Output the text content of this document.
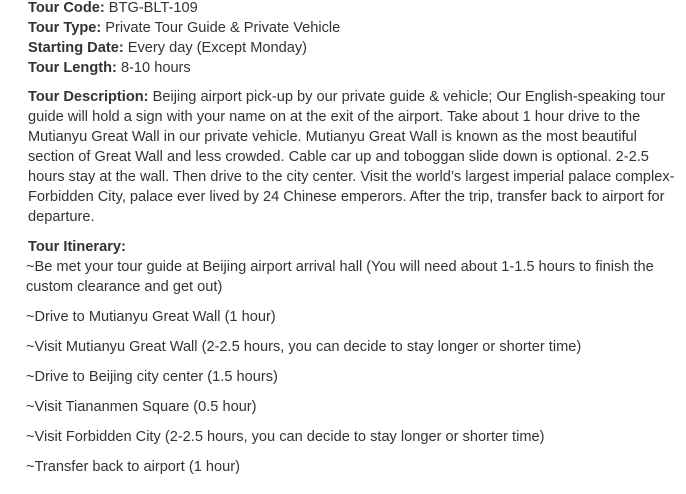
Tour Code: BTG-BLT-109
Tour Type: Private Tour Guide & Private Vehicle
Starting Date: Every day (Except Monday)
Tour Length: 8-10 hours
Tour Description: Beijing airport pick-up by our private guide & vehicle; Our English-speaking tour guide will hold a sign with your name on at the exit of the airport. Take about 1 hour drive to the Mutianyu Great Wall in our private vehicle. Mutianyu Great Wall is known as the most beautiful section of Great Wall and less crowded. Cable car up and toboggan slide down is optional. 2-2.5 hours stay at the wall. Then drive to the city center. Visit the world’s largest imperial palace complex-Forbidden City, palace ever lived by 24 Chinese emperors. After the trip, transfer back to airport for departure.
Tour Itinerary:
~Be met your tour guide at Beijing airport arrival hall (You will need about 1-1.5 hours to finish the custom clearance and get out)
~Drive to Mutianyu Great Wall (1 hour)
~Visit Mutianyu Great Wall (2-2.5 hours, you can decide to stay longer or shorter time)
~Drive to Beijing city center (1.5 hours)
~Visit Tiananmen Square (0.5 hour)
~Visit Forbidden City (2-2.5 hours, you can decide to stay longer or shorter time)
~Transfer back to airport (1 hour)
